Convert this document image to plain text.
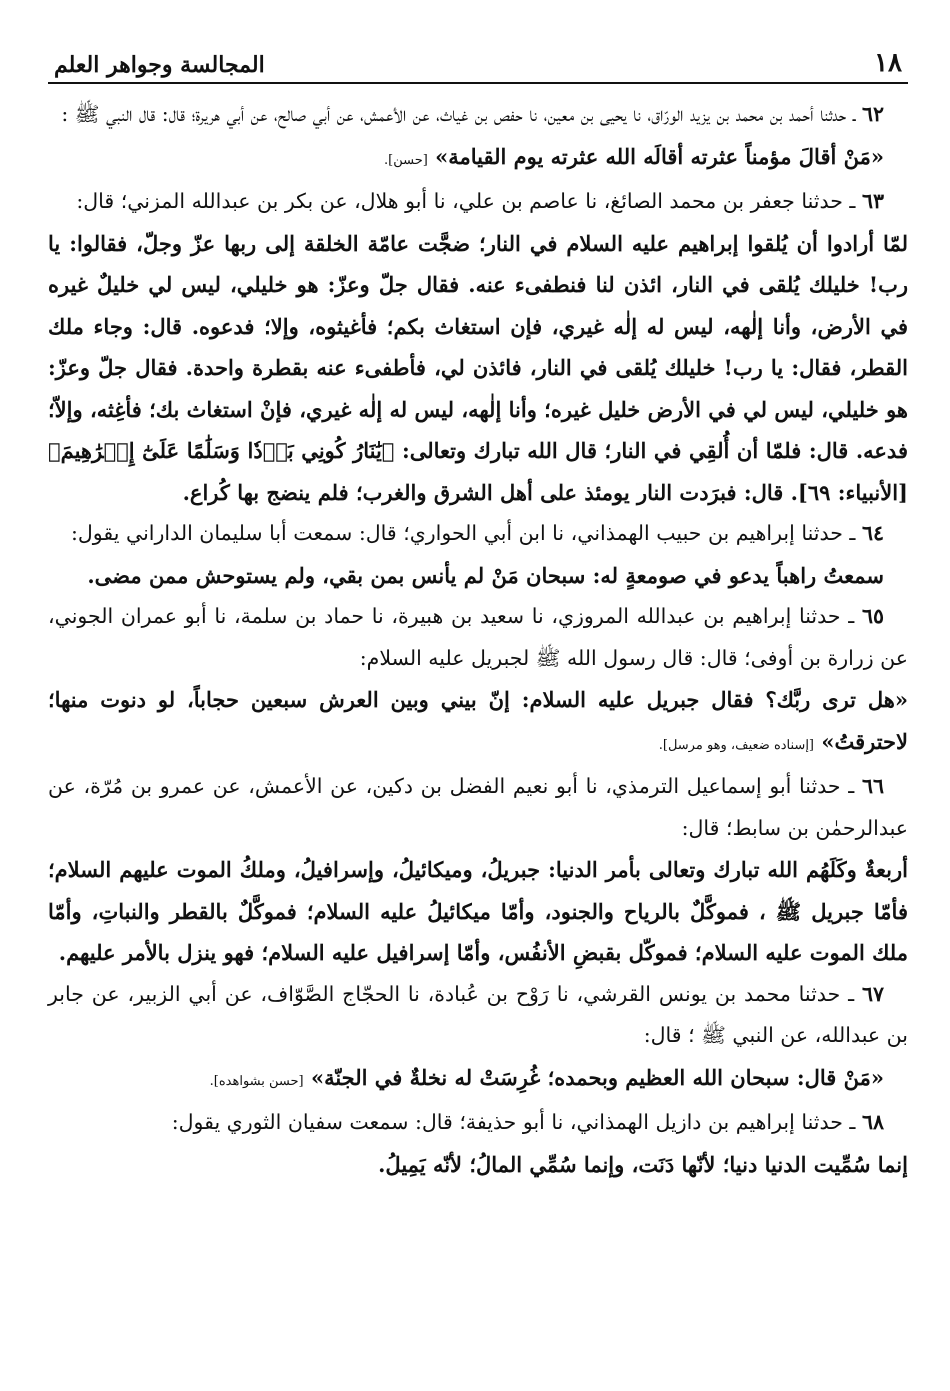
١٨
المجالسة وجواهر العلم

٦٢ ـ حدثنا أحمد بن محمد بن يزيد الورّاق، نا يحيى بن معين، نا حفص بن غياث، عن الأعمش، عن أبي صالح، عن أبي هريرة؛ قال: قال النبي ﷺ :

«مَنْ أقالَ مؤمناً عثرته أقالَه الله عثرته يوم القيامة» [حسن].

٦٣ ـ حدثنا جعفر بن محمد الصائغ، نا عاصم بن علي، نا أبو هلال، عن بكر بن عبدالله المزني؛ قال:

لمّا أرادوا أن يُلقوا إبراهيم عليه السلام في النار؛ ضجَّت عامّة الخلقة إلى ربها عزّ وجلّ، فقالوا: يا رب! خليلك يُلقى في النار، ائذن لنا فنطفىء عنه. فقال جلّ وعزّ: هو خليلي، ليس لي خليلٌ غيره في الأرض، وأنا إلٰهه، ليس له إلٰه غيري، فإن استغاث بكم؛ فأغيثوه، وإلا؛ فدعوه. قال: وجاء ملك القطر، فقال: يا رب! خليلك يُلقى في النار، فائذن لي، فأطفىء عنه بقطرة واحدة. فقال جلّ وعزّ: هو خليلي، ليس لي في الأرض خليل غيره؛ وأنا إلٰهه، ليس له إلٰه غيري، فإنْ استغاث بك؛ فأغِثه، وإلاّ؛ فدعه. قال: فلمّا أن أُلقِي في النار؛ قال الله تبارك وتعالى: ﴿يَٰنَارُ كُونِي بَرۡدٗا وَسَلَٰمًا عَلَىٰٓ إِبۡرَٰهِيمَ﴾ [الأنبياء: ٦٩]. قال: فبرَدت النار يومئذ على أهل الشرق والغرب؛ فلم ينضج بها كُراع.

٦٤ ـ حدثنا إبراهيم بن حبيب الهمذاني، نا ابن أبي الحواري؛ قال: سمعت أبا سليمان الداراني يقول:

سمعتُ راهباً يدعو في صومعةٍ له: سبحان مَنْ لم يأنس بمن بقي، ولم يستوحش ممن مضى.

٦٥ ـ حدثنا إبراهيم بن عبدالله المروزي، نا سعيد بن هبيرة، نا حماد بن سلمة، نا أبو عمران الجوني، عن زرارة بن أوفى؛ قال: قال رسول الله ﷺ لجبريل عليه السلام:

«هل ترى ربَّك؟ فقال جبريل عليه السلام: إنّ بيني وبين العرش سبعين حجاباً، لو دنوت منها؛ لاحترقتُ» [إسناده ضعيف، وهو مرسل].

٦٦ ـ حدثنا أبو إسماعيل الترمذي، نا أبو نعيم الفضل بن دكين، عن الأعمش، عن عمرو بن مُرّة، عن عبدالرحمٰن بن سابط؛ قال:

أربعةٌ وكَلَهُم الله تبارك وتعالى بأمر الدنيا: جبريلُ، وميكائيلُ، وإسرافيلُ، وملكُ الموت عليهم السلام؛ فأمّا جبريل ﷺ ، فموكَّلٌ بالرياح والجنود، وأمّا ميكائيلُ عليه السلام؛ فموكَّلٌ بالقطر والنباتِ، وأمّا ملك الموت عليه السلام؛ فموكّل بقبضِ الأنفُس، وأمّا إسرافيل عليه السلام؛ فهو ينزل بالأمر عليهم.

٦٧ ـ حدثنا محمد بن يونس القرشي، نا رَوْح بن عُبادة، نا الحجّاج الصَّوّاف، عن أبي الزبير، عن جابر بن عبدالله، عن النبي ﷺ ؛ قال:

«مَنْ قال: سبحان الله العظيم وبحمده؛ غُرِسَتْ له نخلةٌ في الجنّة» [حسن بشواهده].

٦٨ ـ حدثنا إبراهيم بن دازيل الهمذاني، نا أبو حذيفة؛ قال: سمعت سفيان الثوري يقول:

إنما سُمِّيت الدنيا دنيا؛ لأنّها دَنَت، وإنما سُمِّي المالُ؛ لأنّه يَمِيلُ.
